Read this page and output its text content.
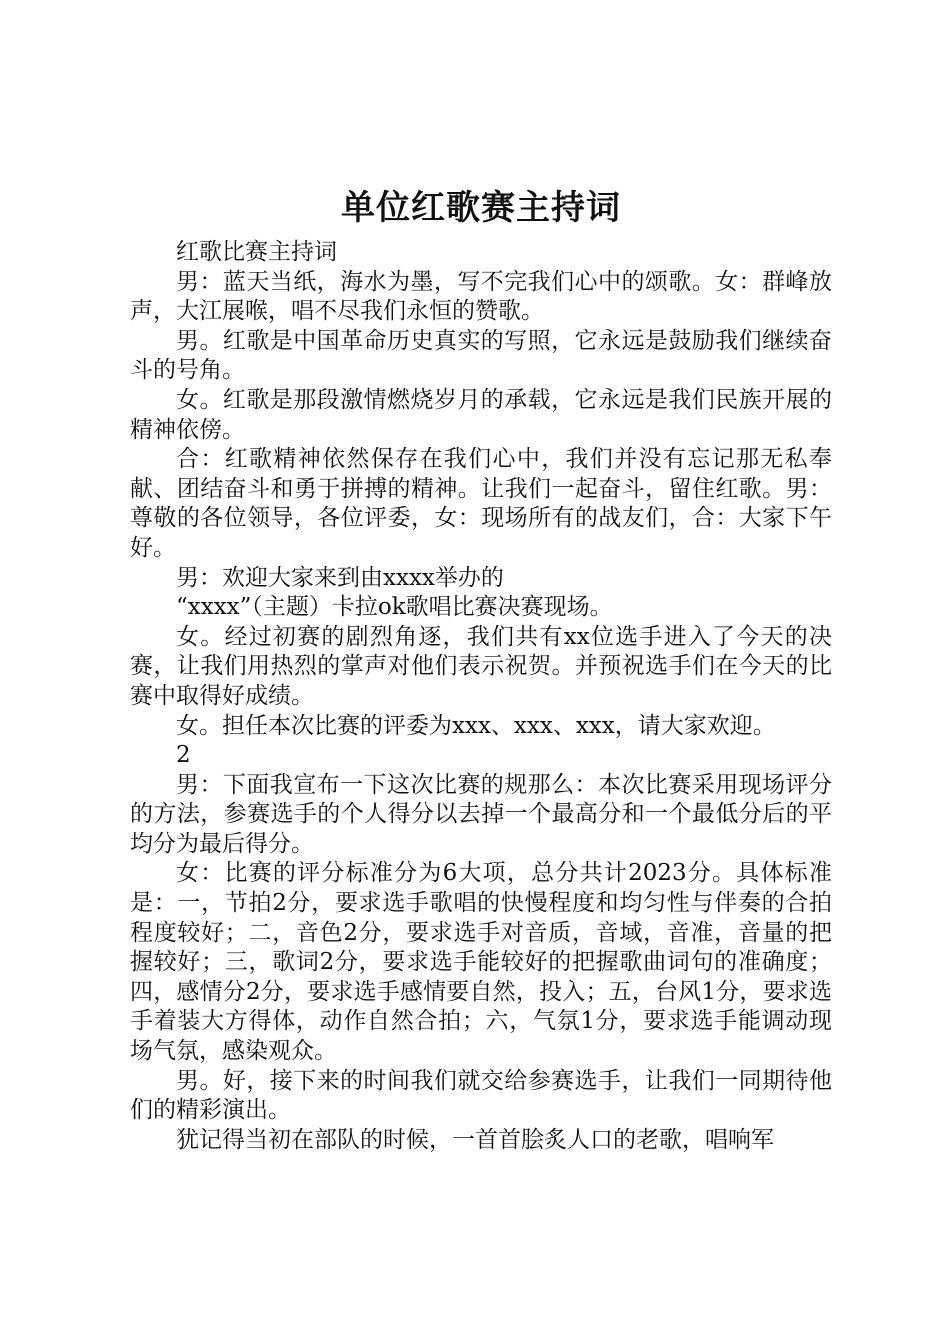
单位红歌赛主持词

红歌比赛主持词

男：蓝天当纸，海水为墨，写不完我们心中的颂歌。女：群峰放声，大江展喉，唱不尽我们永恒的赞歌。

男。红歌是中国革命历史真实的写照，它永远是鼓励我们继续奋斗的号角。

女。红歌是那段激情燃烧岁月的承载，它永远是我们民族开展的精神依傍。

合：红歌精神依然保存在我们心中，我们并没有忘记那无私奉献、团结奋斗和勇于拼搏的精神。让我们一起奋斗，留住红歌。男：尊敬的各位领导，各位评委，女：现场所有的战友们，合：大家下午好。

男：欢迎大家来到由xxxx举办的

“xxxx”（主题）卡拉ok歌唱比赛决赛现场。

女。经过初赛的剧烈角逐，我们共有xx位选手进入了今天的决赛，让我们用热烈的掌声对他们表示祝贺。并预祝选手们在今天的比赛中取得好成绩。

女。担任本次比赛的评委为xxx、xxx、xxx，请大家欢迎。

2

男：下面我宣布一下这次比赛的规那么：本次比赛采用现场评分的方法，参赛选手的个人得分以去掉一个最高分和一个最低分后的平均分为最后得分。

女：比赛的评分标准分为6大项，总分共计2023分。具体标准是：一，节拍2分，要求选手歌唱的快慢程度和均匀性与伴奏的合拍程度较好；二，音色2分，要求选手对音质，音域，音准，音量的把握较好；三，歌词2分，要求选手能较好的把握歌曲词句的准确度；四，感情分2分，要求选手感情要自然，投入；五，台风1分，要求选手着装大方得体，动作自然合拍；六，气氛1分，要求选手能调动现场气氛，感染观众。

男。好，接下来的时间我们就交给参赛选手，让我们一同期待他们的精彩演出。

犹记得当初在部队的时候，一首首脍炙人口的老歌，唱响军
